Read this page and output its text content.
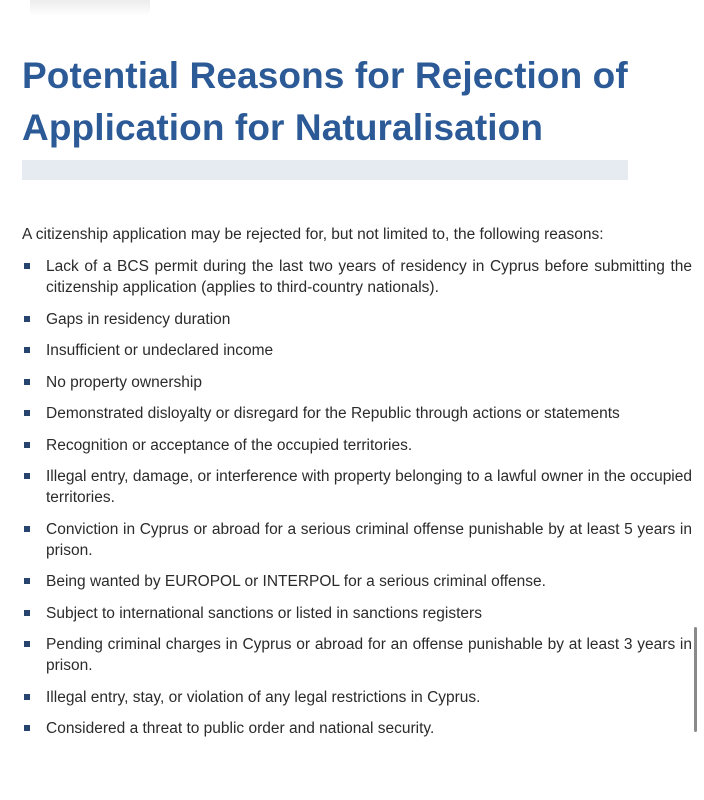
Potential Reasons for Rejection of Application for Naturalisation

A citizenship application may be rejected for, but not limited to, the following reasons:

Lack of a BCS permit during the last two years of residency in Cyprus before submitting the citizenship application (applies to third-country nationals).
Gaps in residency duration
Insufficient or undeclared income
No property ownership
Demonstrated disloyalty or disregard for the Republic through actions or statements
Recognition or acceptance of the occupied territories.
Illegal entry, damage, or interference with property belonging to a lawful owner in the occupied territories.
Conviction in Cyprus or abroad for a serious criminal offense punishable by at least 5 years in prison.
Being wanted by EUROPOL or INTERPOL for a serious criminal offense.
Subject to international sanctions or listed in sanctions registers
Pending criminal charges in Cyprus or abroad for an offense punishable by at least 3 years in prison.
Illegal entry, stay, or violation of any legal restrictions in Cyprus.
Considered a threat to public order and national security.
